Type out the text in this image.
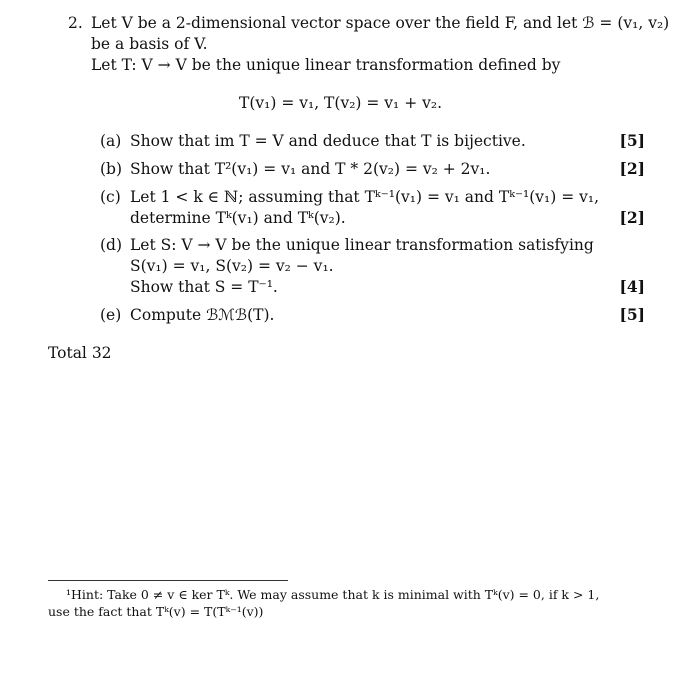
2. Let V be a 2-dimensional vector space over the field F, and let ℬ = (v₁, v₂)
be a basis of V.
Let T: V → V be the unique linear transformation defined by
T(v₁) = v₁, T(v₂) = v₁ + v₂.
(a) Show that im T = V and deduce that T is bijective.	[5]
(b) Show that T²(v₁) = v₁ and T * 2(v₂) = v₂ + 2v₁.	[2]
(c) Let 1 < k ∈ ℕ; assuming that Tᵏ⁻¹(v₁) = v₁ and Tᵏ⁻¹(v₁) = v₁,
determine Tᵏ(v₁) and Tᵏ(v₂).	[2]
(d) Let S: V → V be the unique linear transformation satisfying
S(v₁) = v₁, S(v₂) = v₂ − v₁.
Show that S = T⁻¹.	[4]
(e) Compute ℬℳℬ(T).	[5]
Total 32
¹Hint: Take 0 ≠ v ∈ ker Tᵏ. We may assume that k is minimal with Tᵏ(v) = 0, if k > 1,
use the fact that Tᵏ(v) = T(Tᵏ⁻¹(v))
